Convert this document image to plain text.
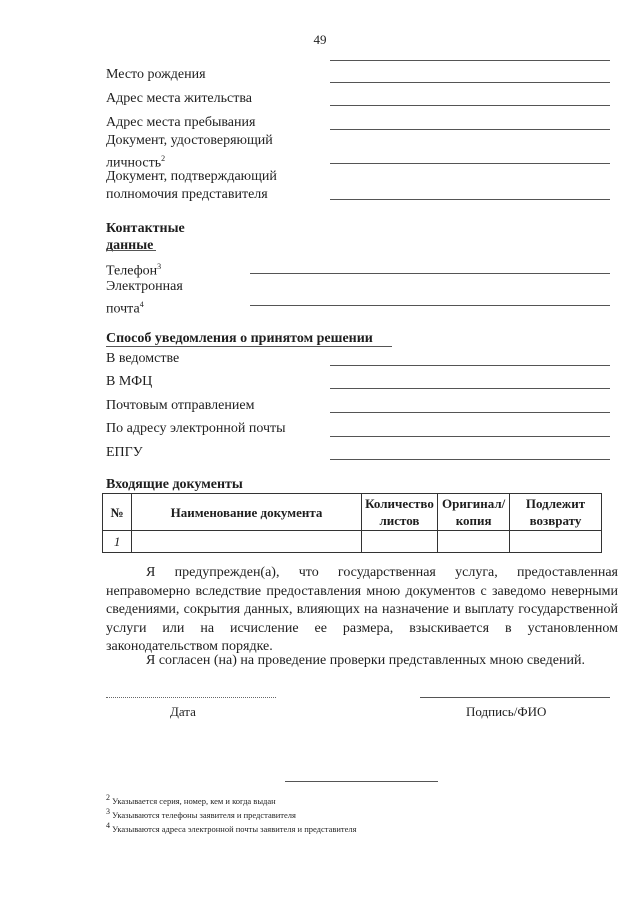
49
Место рождения
Адрес места жительства
Адрес места пребывания
Документ, удостоверяющий личность$^2$
Документ, подтверждающий полномочия представителя
Контактные данные
Телефон$^3$
Электронная почта$^4$
Способ уведомления о принятом решении
В ведомстве
В МФЦ
Почтовым отправлением
По адресу электронной почты
ЕПГУ
Входящие документы
№	Наименование документа	Количество листов	Оригинал/копия	Подлежит возврату
1				
Я предупрежден(а), что государственная услуга, предоставленная неправомерно вследствие предоставления мною документов с заведомо неверными сведениями, сокрытия данных, влияющих на назначение и выплату государственной услуги или на исчисление ее размера, взыскивается в установленном законодательством порядке.
Я согласен (на) на проведение проверки представленных мною сведений.
Дата	Подпись/ФИО
$^2$ Указывается серия, номер, кем и когда выдан
$^3$ Указываются телефоны заявителя и представителя
$^4$ Указываются адреса электронной почты заявителя и представителя
